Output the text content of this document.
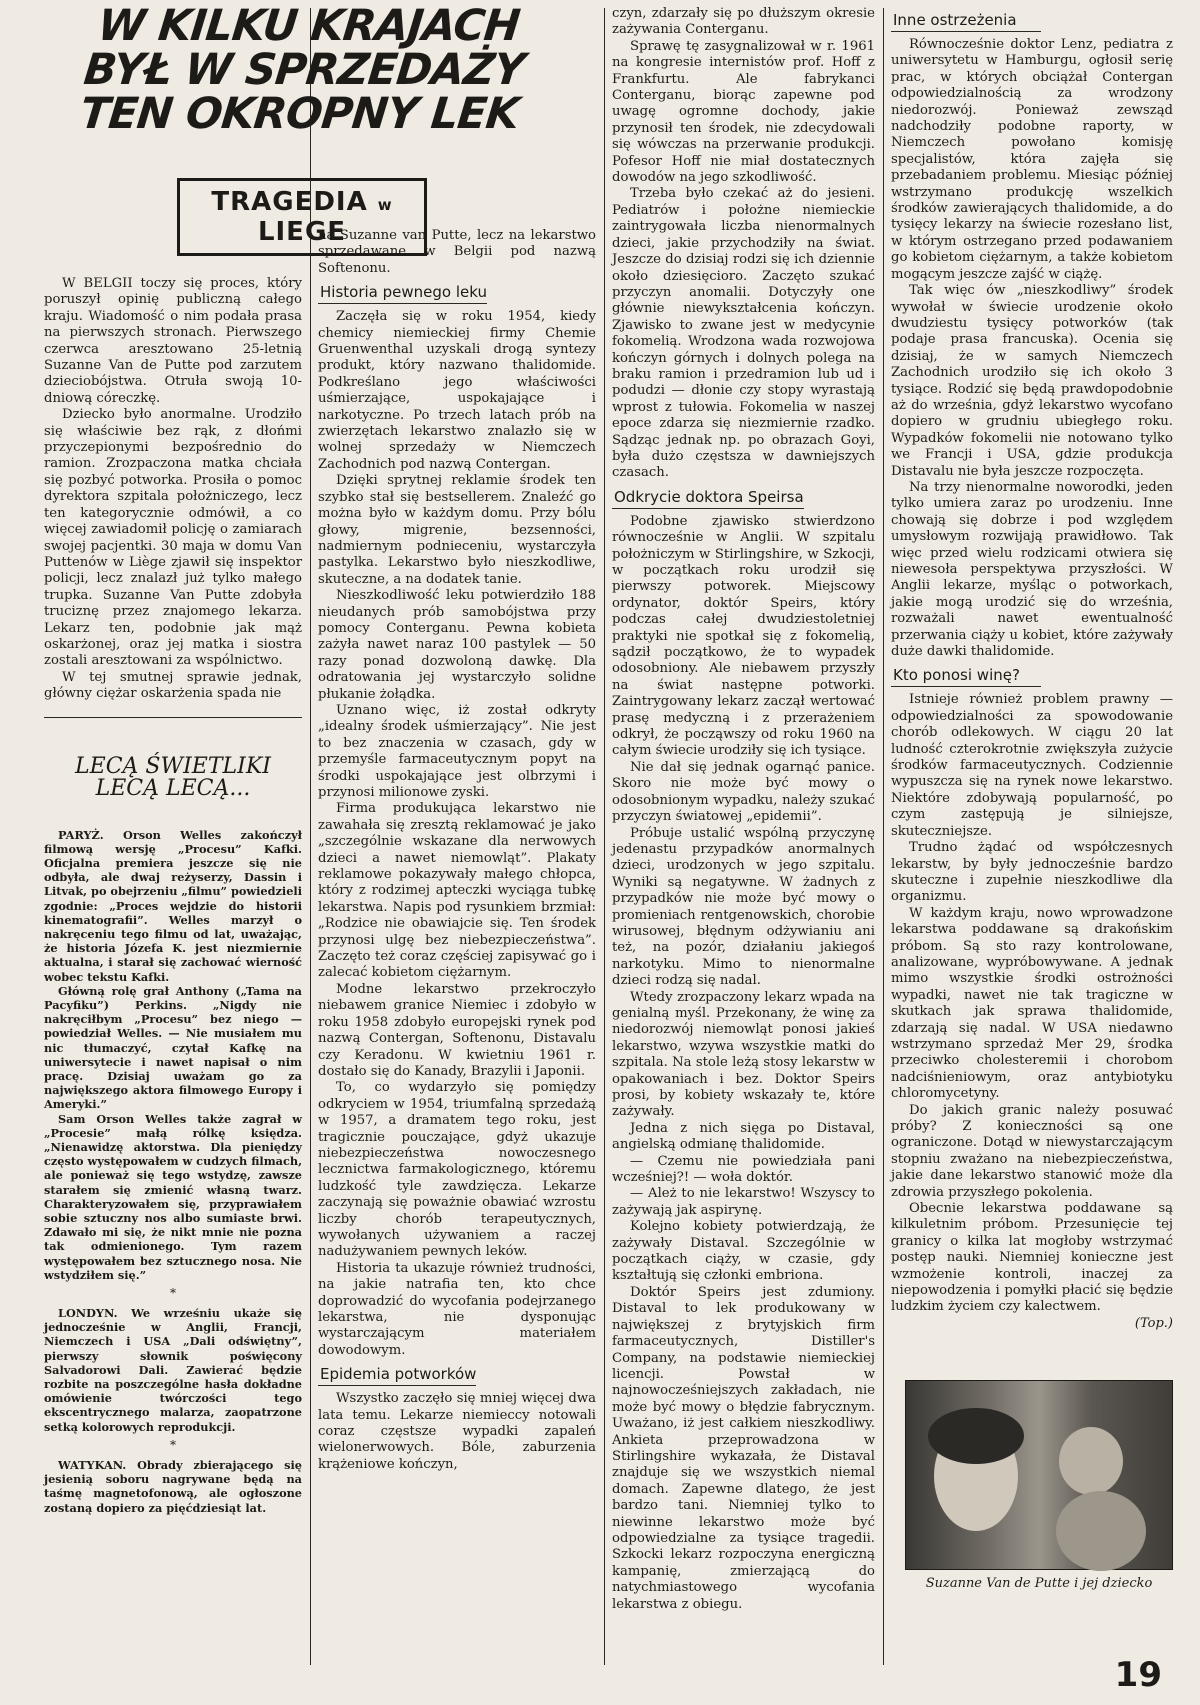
W KILKU KRAJACH BYŁ W SPRZEDAŻY TEN OKROPNY LEK
TRAGEDIA w LIEGE

W BELGII toczy się proces, który poruszył opinię publiczną całego kraju. Wiadomość o nim podała prasa na pierwszych stronach. Pierwszego czerwca aresztowano 25-letnią Suzanne Van de Putte pod zarzutem dzieciobójstwa. Otruła swoją 10-dniową córeczkę.

Dziecko było anormalne. Urodziło się właściwie bez rąk, z dłońmi przyczepionymi bezpośrednio do ramion. Zrozpaczona matka chciała się pozbyć potworka. Prosiła o pomoc dyrektora szpitala położniczego, lecz ten kategorycznie odmówił, a co więcej zawiadomił policję o zamiarach swojej pacjentki. 30 maja w domu Van Puttenów w Liège zjawił się inspektor policji, lecz znalazł już tylko małego trupka. Suzanne Van Putte zdobyła truciznę przez znajomego lekarza. Lekarz ten, podobnie jak mąż oskarżonej, oraz jej matka i siostra zostali aresztowani za wspólnictwo.

W tej smutnej sprawie jednak, główny ciężar oskarżenia spada nie

LECĄ ŚWIETLIKI LECĄ LECĄ...

PARYŻ. Orson Welles zakończył filmową wersję „Procesu” Kafki. Oficjalna premiera jeszcze się nie odbyła, ale dwaj reżyserzy, Dassin i Litvak, po obejrzeniu „filmu” powiedzieli zgodnie: „Proces wejdzie do historii kinematografii”. Welles marzył o nakręceniu tego filmu od lat, uważając, że historia Józefa K. jest niezmiernie aktualna, i starał się zachować wierność wobec tekstu Kafki.

Główną rolę grał Anthony („Tama na Pacyfiku”) Perkins. „Nigdy nie nakręciłbym „Procesu” bez niego — powiedział Welles. — Nie musiałem mu nic tłumaczyć, czytał Kafkę na uniwersytecie i nawet napisał o nim pracę. Dzisiaj uważam go za największego aktora filmowego Europy i Ameryki.”

Sam Orson Welles także zagrał w „Procesie” małą rólkę księdza. „Nienawidzę aktorstwa. Dla pieniędzy często występowałem w cudzych filmach, ale ponieważ się tego wstydzę, zawsze starałem się zmienić własną twarz. Charakteryzowałem się, przyprawiałem sobie sztuczny nos albo sumiaste brwi. Zdawało mi się, że nikt mnie nie pozna tak odmienionego. Tym razem występowałem bez sztucznego nosa. Nie wstydziłem się.”

*

LONDYN. We wrześniu ukaże się jednocześnie w Anglii, Francji, Niemczech i USA „Dali odświętny”, pierwszy słownik poświęcony Salvadorowi Dali. Zawierać będzie rozbite na poszczególne hasła dokładne omówienie twórczości tego ekscentrycznego malarza, zaopatrzone setką kolorowych reprodukcji.

*

WATYKAN. Obrady zbierającego się jesienią soboru nagrywane będą na taśmę magnetofonową, ale ogłoszone zostaną dopiero za pięćdziesiąt lat.

na Suzanne van Putte, lecz na lekarstwo sprzedawane w Belgii pod nazwą Softenonu.

Historia pewnego leku

Zaczęła się w roku 1954, kiedy chemicy niemieckiej firmy Chemie Gruenwenthal uzyskali drogą syntezy produkt, który nazwano thalidomide. Podkreślano jego właściwości uśmierzające, uspokajające i narkotyczne. Po trzech latach prób na zwierzętach lekarstwo znalazło się w wolnej sprzedaży w Niemczech Zachodnich pod nazwą Contergan.

Dzięki sprytnej reklamie środek ten szybko stał się bestsellerem. Znaleźć go można było w każdym domu. Przy bólu głowy, migrenie, bezsenności, nadmiernym podnieceniu, wystarczyła pastylka. Lekarstwo było nieszkodliwe, skuteczne, a na dodatek tanie.

Nieszkodliwość leku potwierdziło 188 nieudanych prób samobójstwa przy pomocy Conterganu. Pewna kobieta zażyła nawet naraz 100 pastylek — 50 razy ponad dozwoloną dawkę. Dla odratowania jej wystarczyło solidne płukanie żołądka.

Uznano więc, iż został odkryty „idealny środek uśmierzający”. Nie jest to bez znaczenia w czasach, gdy w przemyśle farmaceutycznym popyt na środki uspokajające jest olbrzymi i przynosi milionowe zyski.

Firma produkująca lekarstwo nie zawahała się zresztą reklamować je jako „szczególnie wskazane dla nerwowych dzieci a nawet niemowląt”. Plakaty reklamowe pokazywały małego chłopca, który z rodzimej apteczki wyciąga tubkę lekarstwa. Napis pod rysunkiem brzmiał: „Rodzice nie obawiajcie się. Ten środek przynosi ulgę bez niebezpieczeństwa”. Zaczęto też coraz częściej zapisywać go i zalecać kobietom ciężarnym.

Modne lekarstwo przekroczyło niebawem granice Niemiec i zdobyło w roku 1958 zdobyło europejski rynek pod nazwą Contergan, Softenonu, Distavalu czy Keradonu. W kwietniu 1961 r. dostało się do Kanady, Brazylii i Japonii.

To, co wydarzyło się pomiędzy odkryciem w 1954, triumfalną sprzedażą w 1957, a dramatem tego roku, jest tragicznie pouczające, gdyż ukazuje niebezpieczeństwa nowoczesnego lecznictwa farmakologicznego, któremu ludzkość tyle zawdzięcza. Lekarze zaczynają się poważnie obawiać wzrostu liczby chorób terapeutycznych, wywołanych używaniem a raczej nadużywaniem pewnych leków.

Historia ta ukazuje również trudności, na jakie natrafia ten, kto chce doprowadzić do wycofania podejrzanego lekarstwa, nie dysponując wystarczającym materiałem dowodowym.

Epidemia potworków

Wszystko zaczęło się mniej więcej dwa lata temu. Lekarze niemieccy notowali coraz częstsze wypadki zapaleń wielonerwowych. Bóle, zaburzenia krążeniowe kończyn,

czyn, zdarzały się po dłuższym okresie zażywania Conterganu.

Sprawę tę zasygnalizował w r. 1961 na kongresie internistów prof. Hoff z Frankfurtu. Ale fabrykanci Conterganu, biorąc zapewne pod uwagę ogromne dochody, jakie przynosił ten środek, nie zdecydowali się wówczas na przerwanie produkcji. Pofesor Hoff nie miał dostatecznych dowodów na jego szkodliwość.

Trzeba było czekać aż do jesieni. Pediatrów i położne niemieckie zaintrygowała liczba nienormalnych dzieci, jakie przychodziły na świat. Jeszcze do dzisiaj rodzi się ich dziennie około dziesięciorо. Zaczęto szukać przyczyn anomalii. Dotyczyły one głównie niewykształcenia kończyn. Zjawisko to zwane jest w medycynie fokomelią. Wrodzona wada rozwojowa kończyn górnych i dolnych polega na braku ramion i przedramion lub ud i podudzi — dłonie czy stopy wyrastają wprost z tułowia. Fokomelia w naszej epoce zdarza się niezmiernie rzadko. Sądząc jednak np. po obrazach Goyi, była dużo częstsza w dawniejszych czasach.

Odkrycie doktora Speirsa

Podobne zjawisko stwierdzono równocześnie w Anglii. W szpitalu położniczym w Stirlingshire, w Szkocji, w początkach roku urodził się pierwszy potworek. Miejscowy ordynator, doktór Speirs, który podczas całej dwudziestoletniej praktyki nie spotkał się z fokomelią, sądził początkowo, że to wypadek odosobniony. Ale niebawem przyszły na świat następne potworki. Zaintrygowany lekarz zaczął wertować prasę medyczną i z przerażeniem odkrył, że począwszy od roku 1960 na całym świecie urodziły się ich tysiące.

Nie dał się jednak ogarnąć panice. Skoro nie może być mowy o odosobnionym wypadku, należy szukać przyczyn światowej „epidemii”.

Próbuje ustalić wspólną przyczynę jedenastu przypadków anormalnych dzieci, urodzonych w jego szpitalu. Wyniki są negatywne. W żadnych z przypadków nie może być mowy o promieniach rentgenowskich, chorobie wirusowej, błędnym odżywianiu ani też, na pozór, działaniu jakiegoś narkotyku. Mimo to nienormalne dzieci rodzą się nadal.

Wtedy zrozpaczony lekarz wpada na genialną myśl. Przekonany, że winę za niedorozwój niemowląt ponosi jakieś lekarstwo, wzywa wszystkie matki do szpitala. Na stole leżą stosy lekarstw w opakowaniach i bez. Doktor Speirs prosi, by kobiety wskazały te, które zażywały.

Jedna z nich sięga po Distaval, angielską odmianę thalidomide.

— Czemu nie powiedziała pani wcześniej?! — woła doktór.

— Ależ to nie lekarstwo! Wszyscy to zażywają jak aspirynę.

Kolejno kobiety potwierdzają, że zażywały Distaval. Szczególnie w początkach ciąży, w czasie, gdy kształtują się członki embriona.

Doktór Speirs jest zdumiony. Distaval to lek produkowany w największej z brytyjskich firm farmaceutycznych, Distiller's Company, na podstawie niemieckiej licencji. Powstał w najnowocześniejszych zakładach, nie może być mowy o błędzie fabrycznym. Uważano, iż jest całkiem nieszkodliwy. Ankieta przeprowadzona w Stirlingshire wykazała, że Distaval znajduje się we wszystkich niemal domach. Zapewne dlatego, że jest bardzo tani. Niemniej tylko to niewinne lekarstwo może być odpowiedzialne za tysiące tragedii. Szkocki lekarz rozpoczyna energiczną kampanię, zmierzającą do natychmiastowego wycofania lekarstwa z obiegu.

Inne ostrzeżenia

Równocześnie doktor Lenz, pediatra z uniwersytetu w Hamburgu, ogłosił serię prac, w których obciążał Contergan odpowiedzialnością za wrodzony niedorozwój. Ponieważ zewsząd nadchodziły podobne raporty, w Niemczech powołano komisję specjalistów, która zajęła się przebadaniem problemu. Miesiąc później wstrzymano produkcję wszelkich środków zawierających thalidomide, a do tysięcy lekarzy na świecie rozesłano list, w którym ostrzegano przed podawaniem go kobietom ciężarnym, a także kobietom mogącym jeszcze zajść w ciążę.

Tak więc ów „nieszkodliwy” środek wywołał w świecie urodzenie około dwudziestu tysięcy potworków (tak podaje prasa francuska). Ocenia się dzisiaj, że w samych Niemczech Zachodnich urodziło się ich około 3 tysiące. Rodzić się będą prawdopodobnie aż do września, gdyż lekarstwo wycofano dopiero w grudniu ubiegłego roku. Wypadków fokomelii nie notowano tylko we Francji i USA, gdzie produkcja Distavalu nie była jeszcze rozpoczęta.

Na trzy nienormalne noworodki, jeden tylko umiera zaraz po urodzeniu. Inne chowają się dobrze i pod względem umysłowym rozwijają prawidłowo. Tak więc przed wielu rodzicami otwiera się niewesoła perspektywa przyszłości. W Anglii lekarze, myśląc o potworkach, jakie mogą urodzić się do września, rozważali nawet ewentualność przerwania ciąży u kobiet, które zażywały duże dawki thalidomide.

Kto ponosi winę?

Istnieje również problem prawny — odpowiedzialności za spowodowanie chorób odlekowych. W ciągu 20 lat ludność czterokrotnie zwiększyła zużycie środków farmaceutycznych. Codziennie wypuszcza się na rynek nowe lekarstwo. Niektóre zdobywają popularność, po czym zastępują je silniejsze, skuteczniejsze.

Trudno żądać od współczesnych lekarstw, by były jednocześnie bardzo skuteczne i zupełnie nieszkodliwe dla organizmu.

W każdym kraju, nowo wprowadzone lekarstwa poddawane są drakońskim próbom. Są sto razy kontrolowane, analizowane, wypróbowywane. A jednak mimo wszystkie środki ostrożności wypadki, nawet nie tak tragiczne w skutkach jak sprawa thalidomide, zdarzają się nadal. W USA niedawno wstrzymano sprzedaż Mer 29, środka przeciwko cholesteremii i chorobom nadciśnieniowym, oraz antybiotyku chloromycetyny.

Do jakich granic należy posuwać próby? Z konieczności są one ograniczone. Dotąd w niewystarczającym stopniu zważano na niebezpieczeństwa, jakie dane lekarstwo stanowić może dla zdrowia przyszłego pokolenia.

Obecnie lekarstwa poddawane są kilkuletnim próbom. Przesunięcie tej granicy o kilka lat mogłoby wstrzymać postęp nauki. Niemniej konieczne jest wzmożenie kontroli, inaczej za niepowodzenia i pomyłki płacić się będzie ludzkim życiem czy kalectwem.

(Top.)
Suzanne Van de Putte i jej dziecko
19
